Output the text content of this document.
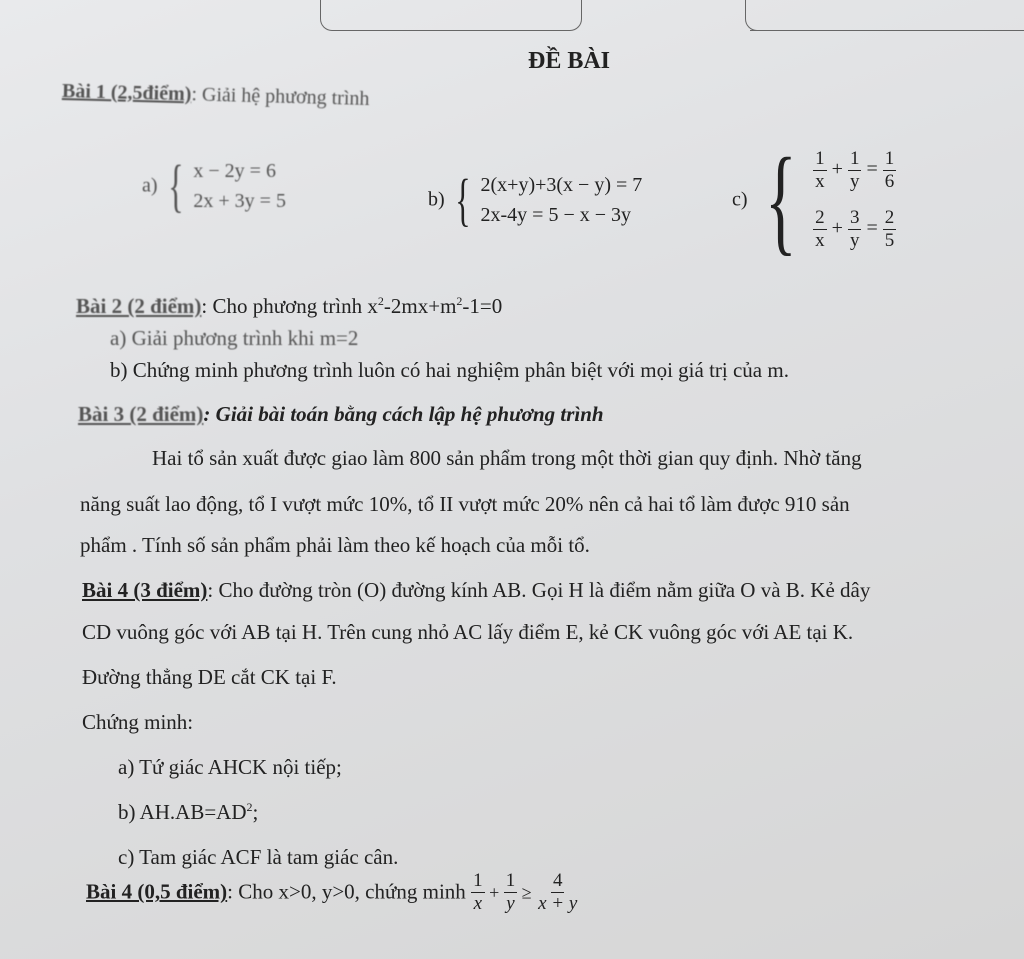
ĐỀ BÀI
Bài 1 (2,5điểm): Giải hệ phương trình
a) { x − 2y = 6
2x + 3y = 5	b) { 2(x+y)+3(x − y) = 7
2x-4y = 5 − x − 3y
c) { $\frac{1}{x} + \frac{1}{y} = \frac{1}{6}$
$\frac{2}{x} + \frac{3}{y} = \frac{2}{5}$
Bài 2 (2 điểm): Cho phương trình $x^2-2mx+m^2-1=0$
a) Giải phương trình khi m=2
b) Chứng minh phương trình luôn có hai nghiệm phân biệt với mọi giá trị của m.
Bài 3 (2 điểm): Giải bài toán bằng cách lập hệ phương trình
Hai tổ sản xuất được giao làm 800 sản phẩm trong một thời gian quy định. Nhờ tăng
năng suất lao động, tổ I vượt mức 10%, tổ II vượt mức 20% nên cả hai tổ làm được 910 sản
phẩm . Tính số sản phẩm phải làm theo kế hoạch của mỗi tổ.
Bài 4 (3 điểm): Cho đường tròn (O) đường kính AB. Gọi H là điểm nằm giữa O và B. Kẻ dây
CD vuông góc với AB tại H. Trên cung nhỏ AC lấy điểm E, kẻ CK vuông góc với AE tại K.
Đường thẳng DE cắt CK tại F.
Chứng minh:
a) Tứ giác AHCK nội tiếp;
b) $AH.AB=AD^2$;
c) Tam giác ACF là tam giác cân.
Bài 4 (0,5 điểm): Cho x>0, y>0, chứng minh $\frac{1}{x} + \frac{1}{y} \ge \frac{4}{x + y}$
